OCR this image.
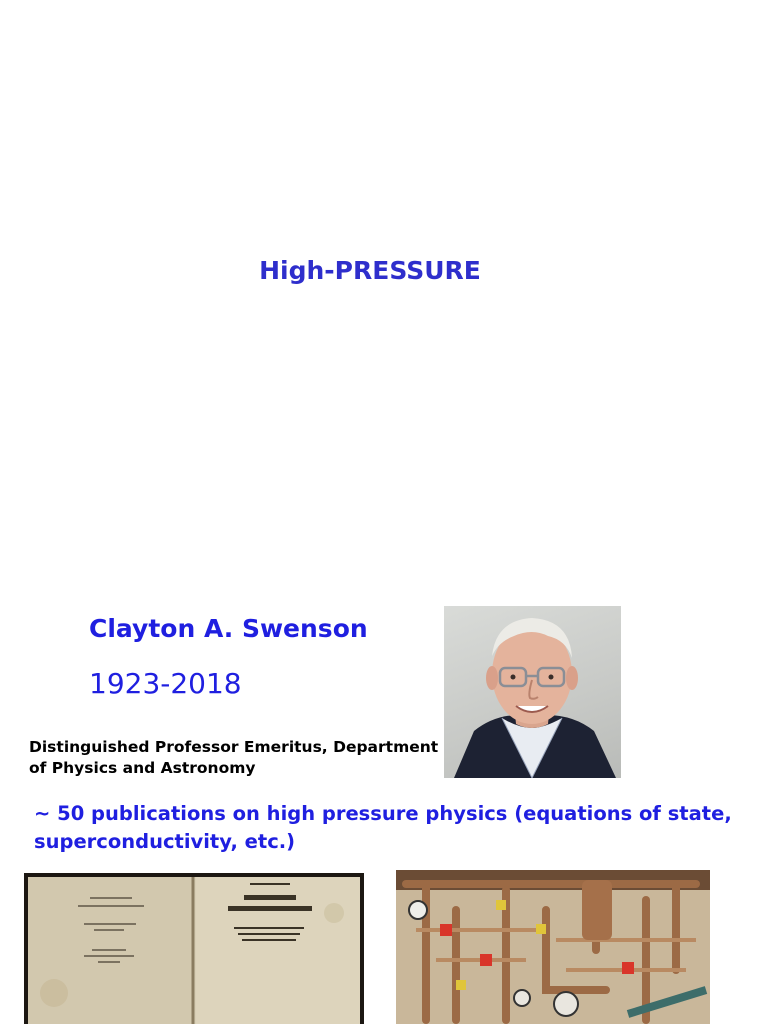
High-PRESSURE
Clayton A. Swenson
1923-2018
Distinguished Professor Emeritus, Department of Physics and Astronomy
~ 50 publications on high pressure physics (equations of state, superconductivity, etc.)
